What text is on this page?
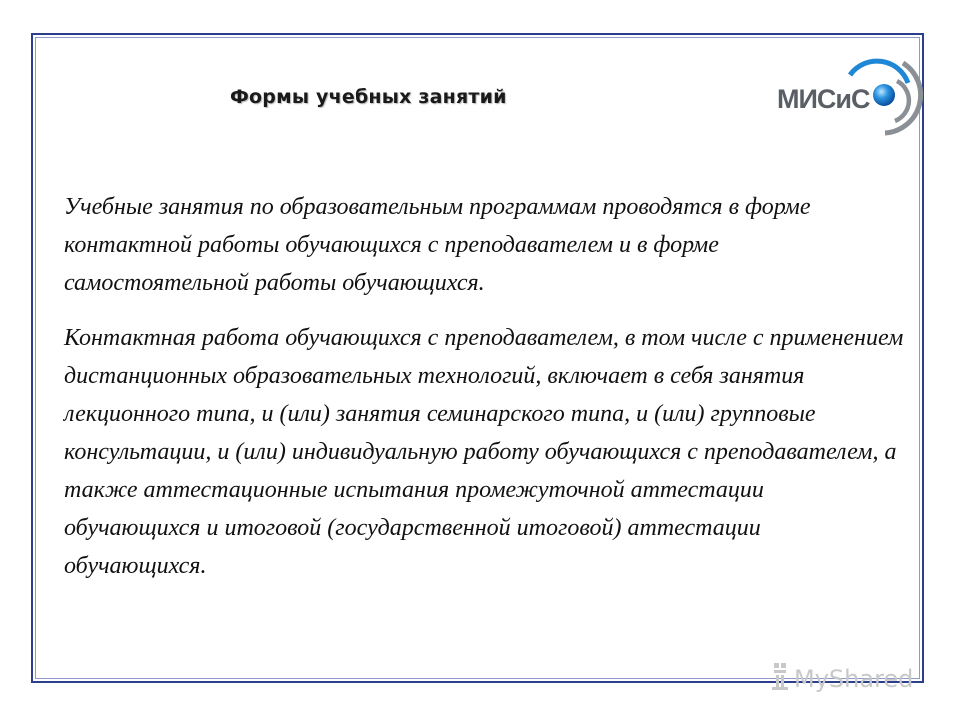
Формы учебных занятий	МИСиС

Учебные занятия по образовательным программам проводятся в форме контактной работы обучающихся с преподавателем и в форме самостоятельной работы обучающихся.

Контактная работа обучающихся с преподавателем, в том числе с применением дистанционных образовательных технологий, включает в себя занятия лекционного типа, и (или) занятия семинарского типа, и (или) групповые консультации, и (или) индивидуальную работу обучающихся с преподавателем, а также аттестационные испытания промежуточной аттестации обучающихся и итоговой (государственной итоговой) аттестации обучающихся.

MyShared
